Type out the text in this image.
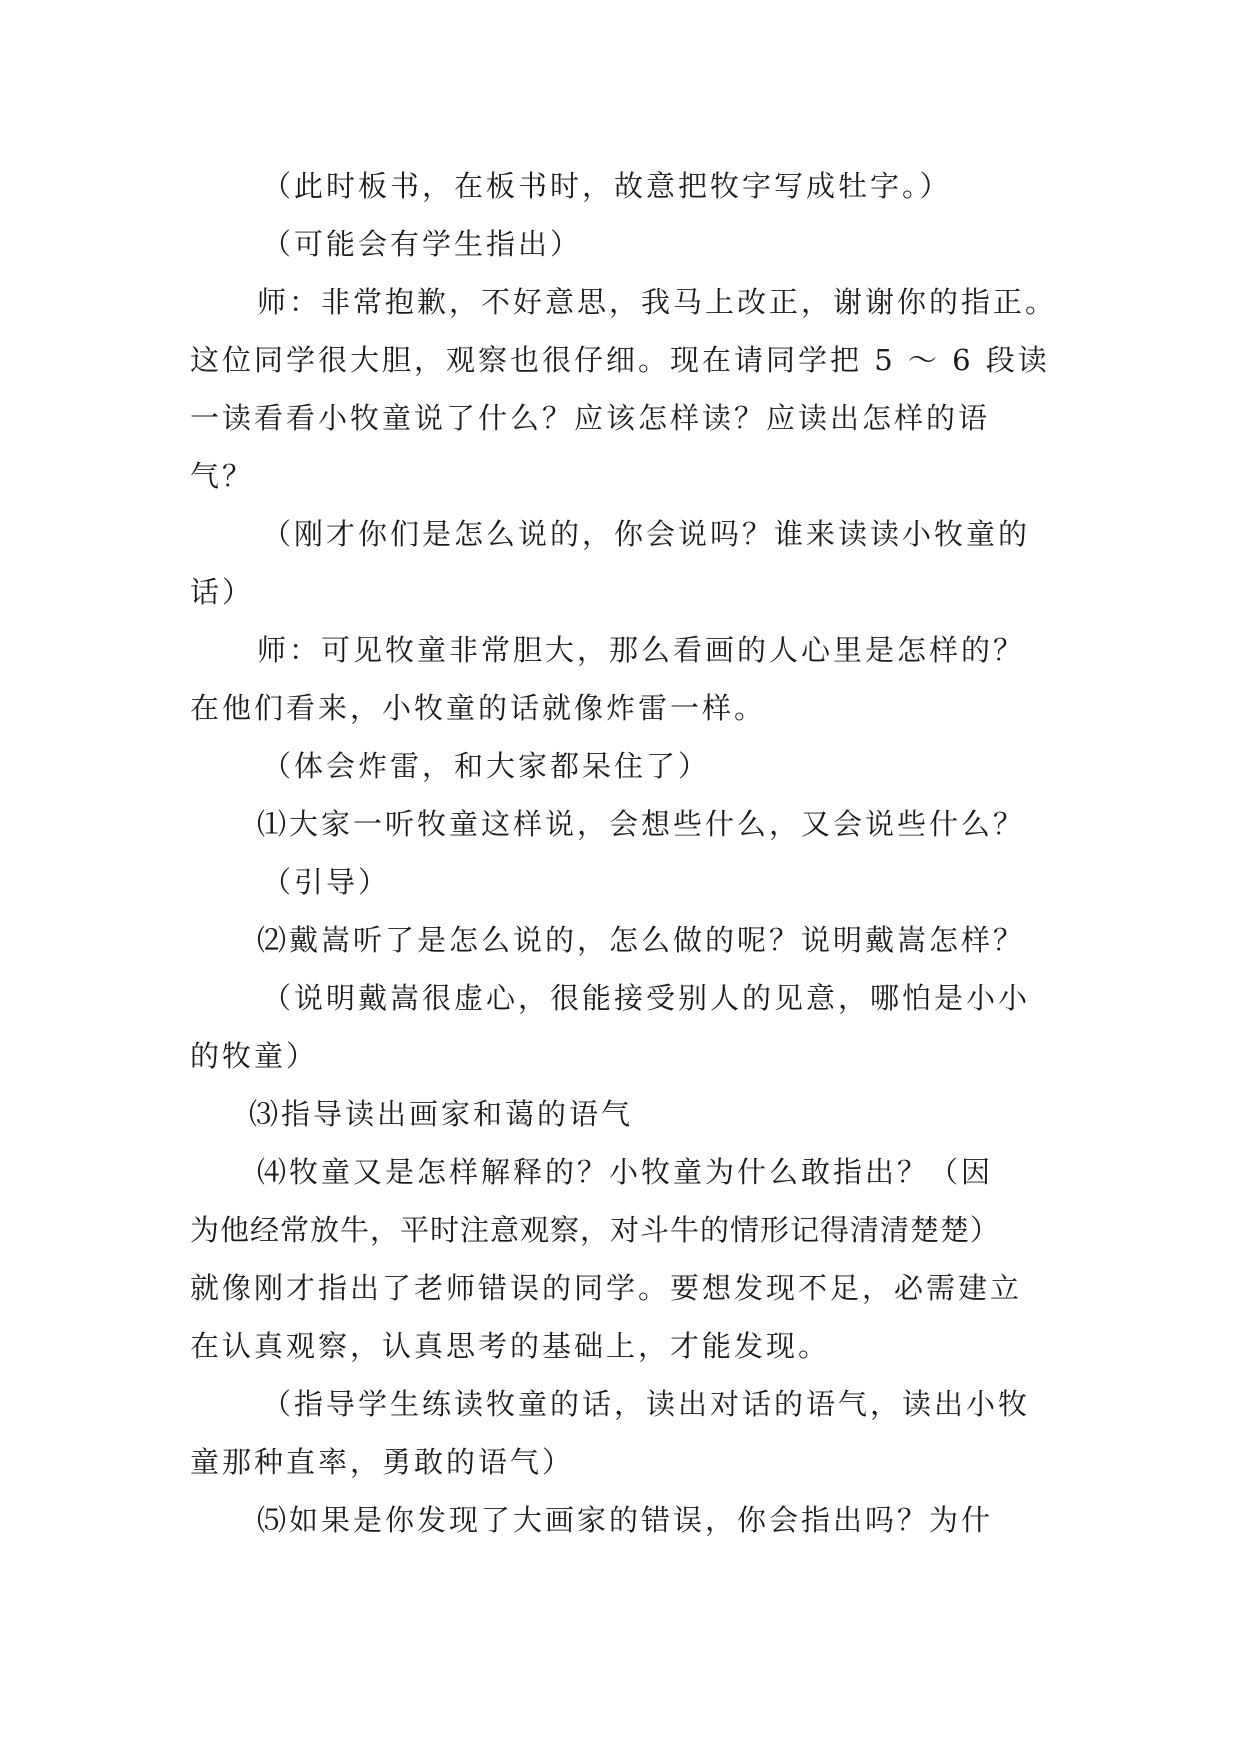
（此时板书，在板书时，故意把牧字写成牡字。）
（可能会有学生指出）
师：非常抱歉，不好意思，我马上改正，谢谢你的指正。
这位同学很大胆，观察也很仔细。现在请同学把 5 ～ 6 段读
一读看看小牧童说了什么？应该怎样读？应读出怎样的语
气？
（刚才你们是怎么说的，你会说吗？谁来读读小牧童的
话）
师：可见牧童非常胆大，那么看画的人心里是怎样的？
在他们看来，小牧童的话就像炸雷一样。
（体会炸雷，和大家都呆住了）
⑴大家一听牧童这样说，会想些什么，又会说些什么？
（引导）
⑵戴嵩听了是怎么说的，怎么做的呢？说明戴嵩怎样？
（说明戴嵩很虚心，很能接受别人的见意，哪怕是小小
的牧童）
⑶指导读出画家和蔼的语气
⑷牧童又是怎样解释的？小牧童为什么敢指出？（因
为他经常放牛，平时注意观察，对斗牛的情形记得清清楚楚）
就像刚才指出了老师错误的同学。要想发现不足，必需建立
在认真观察，认真思考的基础上，才能发现。
（指导学生练读牧童的话，读出对话的语气，读出小牧
童那种直率，勇敢的语气）
⑸如果是你发现了大画家的错误，你会指出吗？为什
